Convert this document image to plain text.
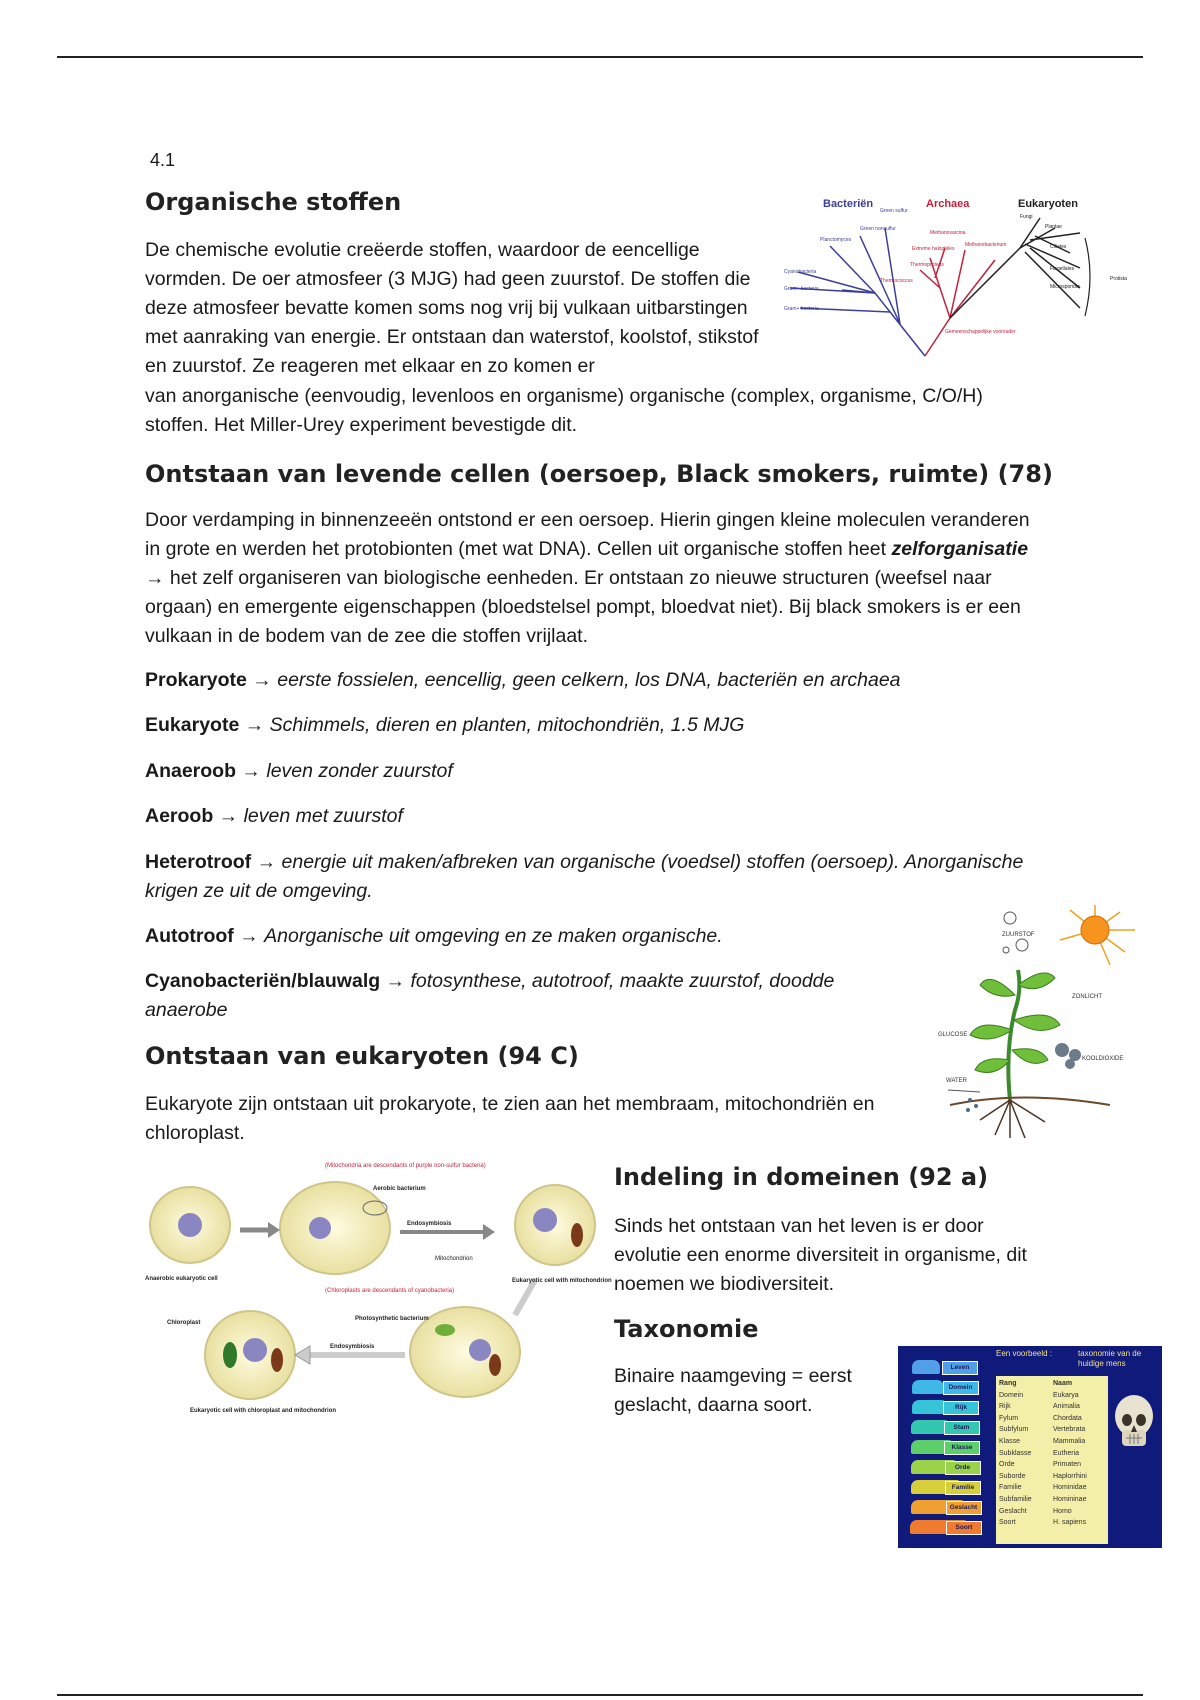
4.1
Organische stoffen

De chemische evolutie creëerde stoffen, waardoor de eencellige vormden. De oer atmosfeer (3 MJG) had geen zuurstof. De stoffen die deze atmosfeer bevatte komen soms nog vrij bij vulkaan uitbarstingen met aanraking van energie. Er ontstaan dan waterstof, koolstof, stikstof en zuurstof. Ze reageren met elkaar en zo komen er

van anorganische (eenvoudig, levenloos en organisme) organische (complex, organisme, C/O/H) stoffen. Het Miller-Urey experiment bevestigde dit.

Bacteriën	Archaea	Eukaryoten
Cyanobacteria
Gram+ bacteria
Gram+ bacteria
Planctomyces
Green nonsulfur
Green sulfur
Methanosarcina
Extreme halophiles
Methanobacterium
Thermoproteus
Thermococcus
Gemeenschappelijke voorouder
Fungi
Plantae
Ciliates
Flagellates
Microsporidia
Protista
Ontstaan van levende cellen (oersoep, Black smokers, ruimte) (78)

Door verdamping in binnenzeeën ontstond er een oersoep. Hierin gingen kleine moleculen veranderen in grote en werden het protobionten (met wat DNA). Cellen uit organische stoffen heet zelforganisatie → het zelf organiseren van biologische eenheden. Er ontstaan zo nieuwe structuren (weefsel naar orgaan) en emergente eigenschappen (bloedstelsel pompt, bloedvat niet). Bij black smokers is er een vulkaan in de bodem van de zee die stoffen vrijlaat.

Prokaryote → eerste fossielen, eencellig, geen celkern, los DNA, bacteriën en archaea
Eukaryote → Schimmels, dieren en planten, mitochondriën, 1.5 MJG
Anaeroob → leven zonder zuurstof
Aeroob → leven met zuurstof
Heterotroof → energie uit maken/afbreken van organische (voedsel) stoffen (oersoep). Anorganische krigen ze uit de omgeving.
Autotroof → Anorganische uit omgeving en ze maken organische.
Cyanobacteriën/blauwalg → fotosynthese, autotroof, maakte zuurstof, doodde anaerobe
ZUURSTOF
ZONLICHT
GLUCOSE
KOOLDIOXIDE
WATER
Ontstaan van eukaryoten (94 C)

Eukaryote zijn ontstaan uit prokaryote, te zien aan het membraam, mitochondriën en chloroplast.

(Mitochondria are descendants of purple non-sulfur bacteria)
Aerobic bacterium
Endosymbiosis
Mitochondrion
Anaerobic eukaryotic cell	Eukaryotic cell with mitochondrion
(Chloroplasts are descendants of cyanobacteria)
Photosynthetic bacterium
Chloroplast
Endosymbiosis
Eukaryotic cell with chloroplast and mitochondrion
Indeling in domeinen (92 a)

Sinds het ontstaan van het leven is er door evolutie een enorme diversiteit in organisme, dit noemen we biodiversiteit.

Taxonomie

Binaire naamgeving = eerst geslacht, daarna soort.

Een voorbeeld :	taxonomie van de huidige mens
Leven
Domein
Rijk
Stam
Klasse
Orde
Familie
Geslacht
Soort
Rang	Naam
Domein	Eukarya
Rijk	Animalia
Fylum	Chordata
Subfylum	Vertebrata
Klasse	Mammalia
Subklasse	Eutheria
Orde	Primaten
Suborde	Haplorrhini
Familie	Hominidae
Subfamilie	Homininae
Geslacht	Homo
Soort	H. sapiens
